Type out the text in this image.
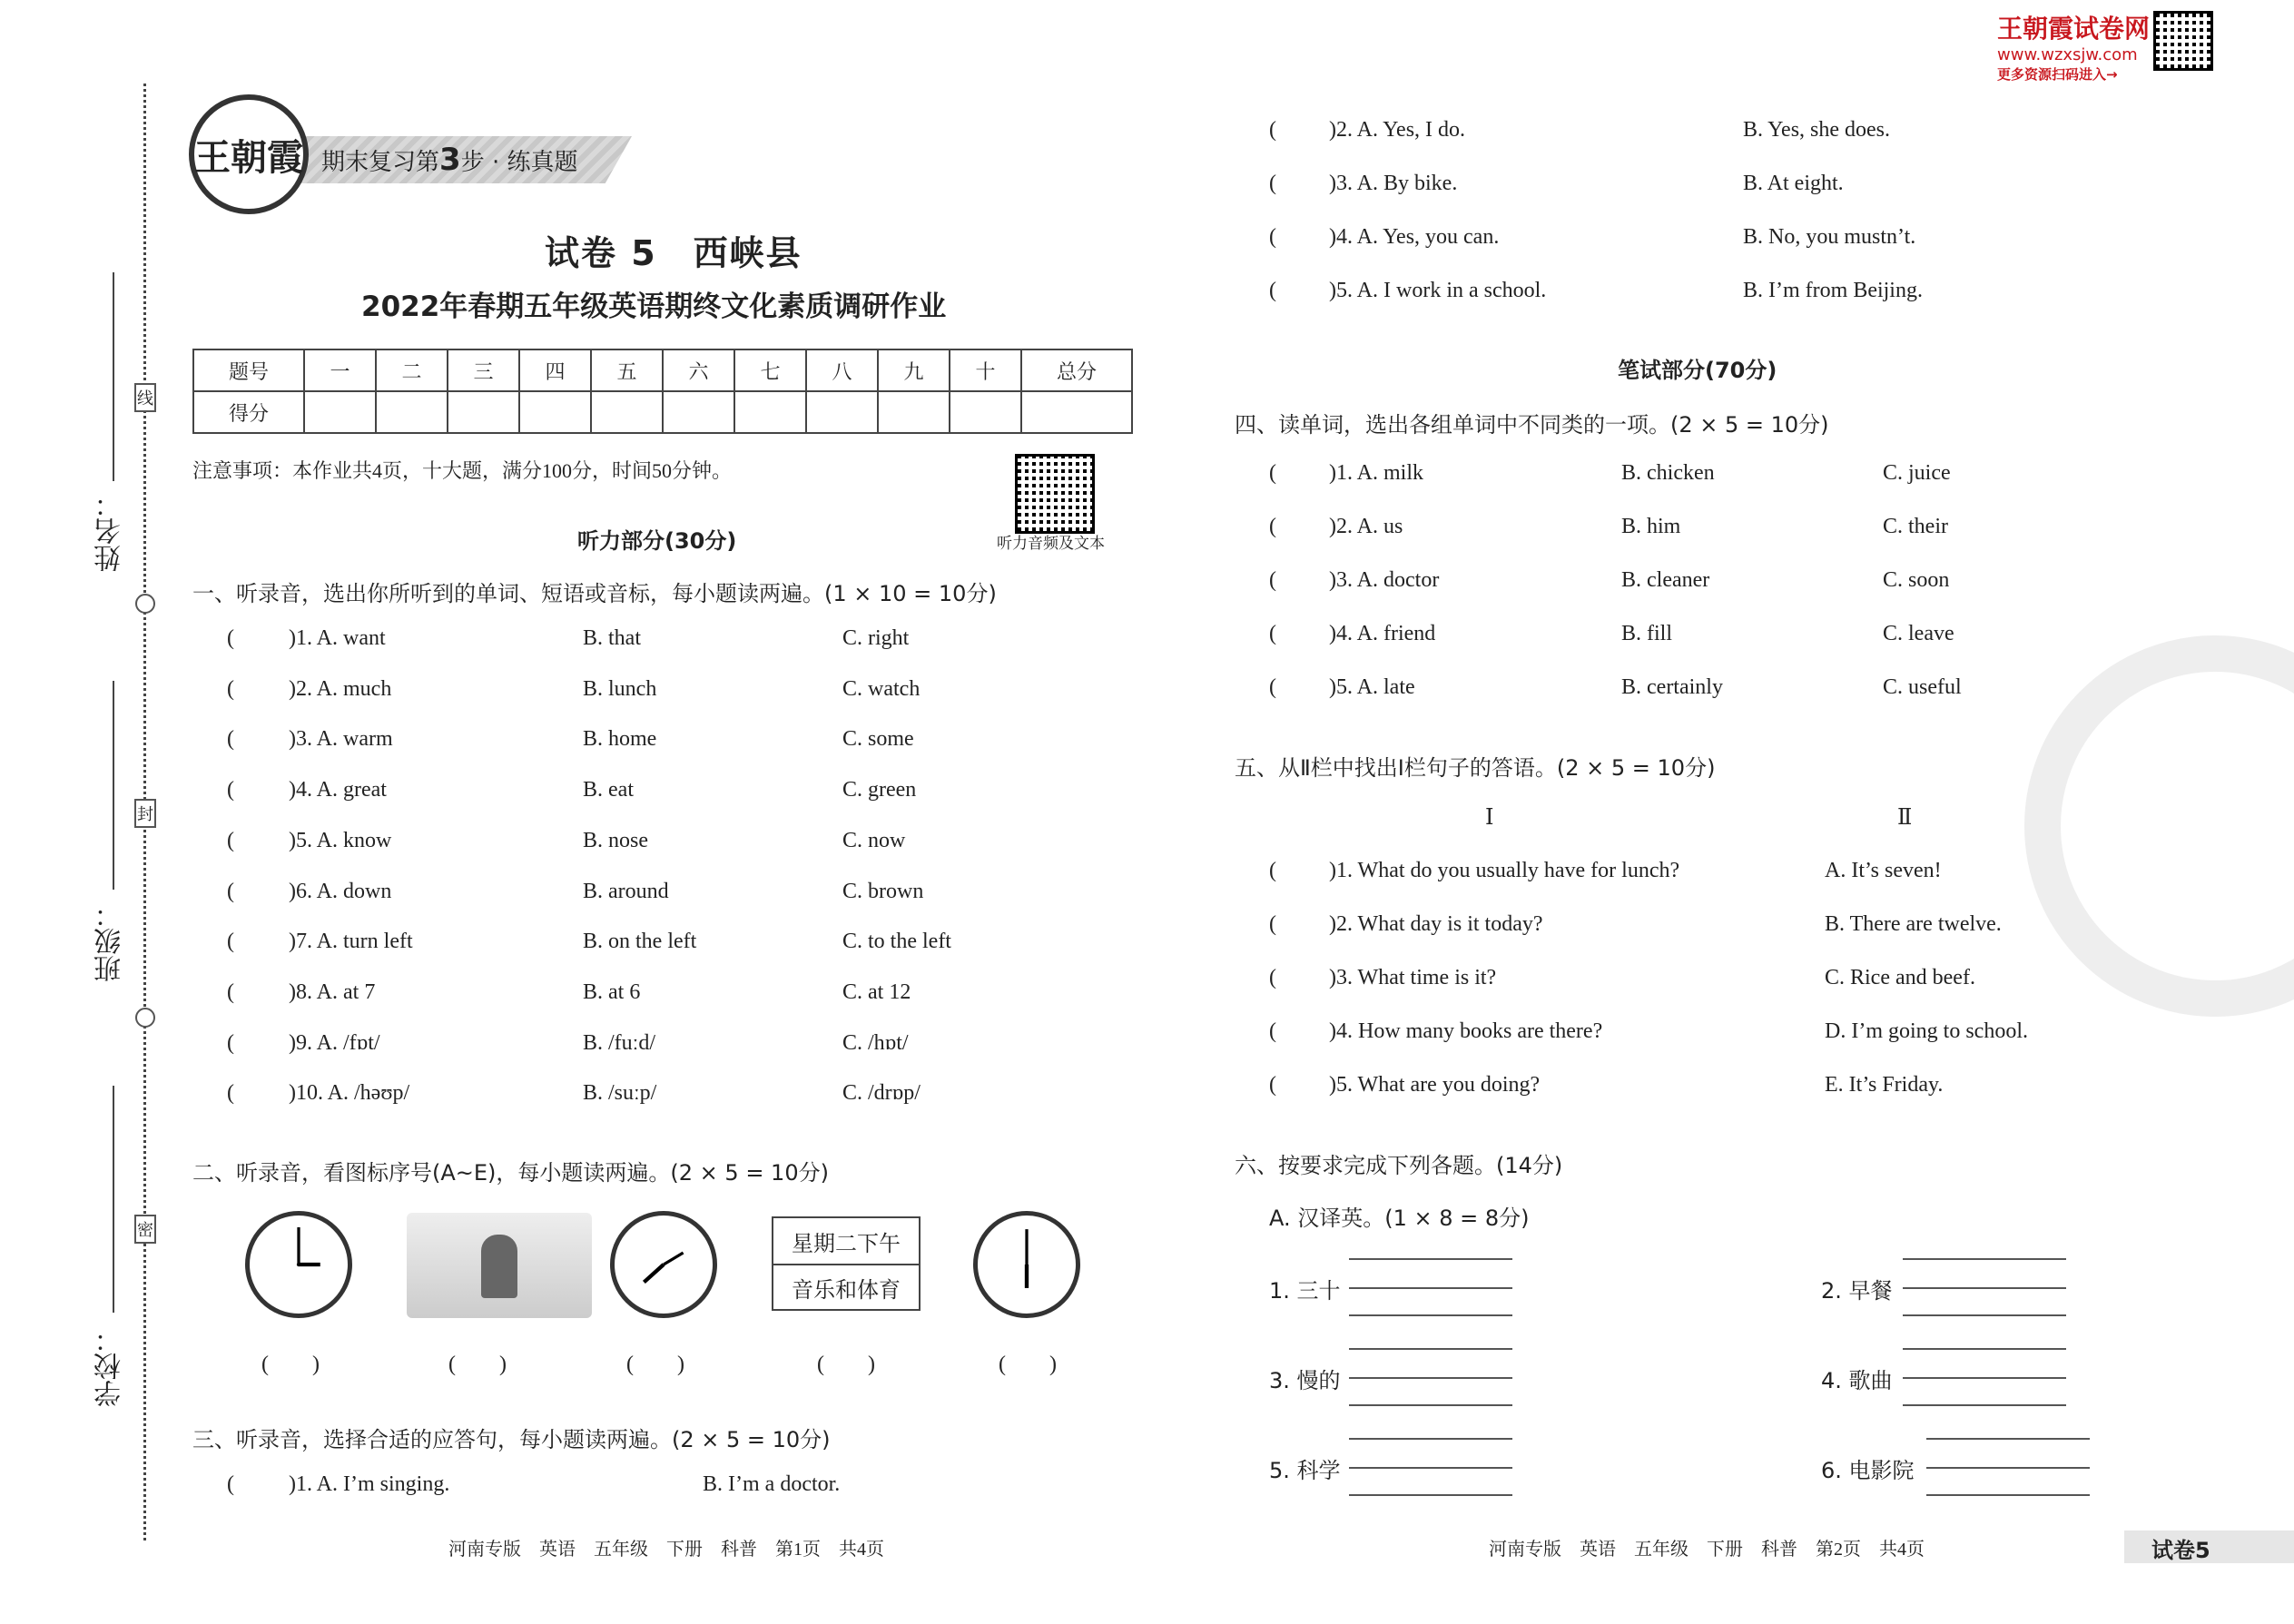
王朝霞试卷网
www.wzxsjw.com
更多资源扫码进入→
线
封
密
姓名：
班级：
学校：
期末复习第3步 · 练真题
王朝霞
试卷 5　西峡县
2022年春期五年级英语期终文化素质调研作业
题号	一	二	三	四	五	六	七	八	九	十	总分
得分											
注意事项：本作业共4页，十大题，满分100分，时间50分钟。
听力音频及文本
听力部分(30分)
一、听录音，选出你所听到的单词、短语或音标，每小题读两遍。(1 × 10 = 10分)
(	)1. A. want	B. that	C. right
(	)2. A. much	B. lunch	C. watch
(	)3. A. warm	B. home	C. some
(	)4. A. great	B. eat	C. green
(	)5. A. know	B. nose	C. now
(	)6. A. down	B. around	C. brown
(	)7. A. turn left	B. on the left	C. to the left
(	)8. A. at 7	B. at 6	C. at 12
(	)9. A. /fɒt/	B. /fuːd/	C. /hɒt/
(	)10. A. /həʊp/	B. /suːp/	C. /drɒp/
二、听录音，看图标序号(A~E)，每小题读两遍。(2 × 5 = 10分)
星期二下午
音乐和体育
(　　)	(　　)	(　　)	(　　)	(　　)
三、听录音，选择合适的应答句，每小题读两遍。(2 × 5 = 10分)
(	)1. A. I’m singing.	B. I’m a doctor.
( )2. A. Yes, I do.	B. Yes, she does.
( )3. A. By bike.	B. At eight.
( )4. A. Yes, you can.	B. No, you mustn’t.
( )5. A. I work in a school.	B. I’m from Beijing.
笔试部分(70分)
四、读单词，选出各组单词中不同类的一项。(2 × 5 = 10分)
( )1. A. milk	B. chicken	C. juice
( )2. A. us	B. him	C. their
( )3. A. doctor	B. cleaner	C. soon
( )4. A. friend	B. fill	C. leave
( )5. A. late	B. certainly	C. useful
五、从Ⅱ栏中找出Ⅰ栏句子的答语。(2 × 5 = 10分)
Ⅰ	Ⅱ
( )1. What do you usually have for lunch?	A. It’s seven!
( )2. What day is it today?	B. There are twelve.
( )3. What time is it?	C. Rice and beef.
( )4. How many books are there?	D. I’m going to school.
( )5. What are you doing?	E. It’s Friday.
六、按要求完成下列各题。(14分)
A. 汉译英。(1 × 8 = 8分)
1. 三十	2. 早餐
3. 慢的	4. 歌曲
5. 科学	6. 电影院
河南专版　英语　五年级　下册　科普　第1页　共4页	河南专版　英语　五年级　下册　科普　第2页　共4页	试卷5
